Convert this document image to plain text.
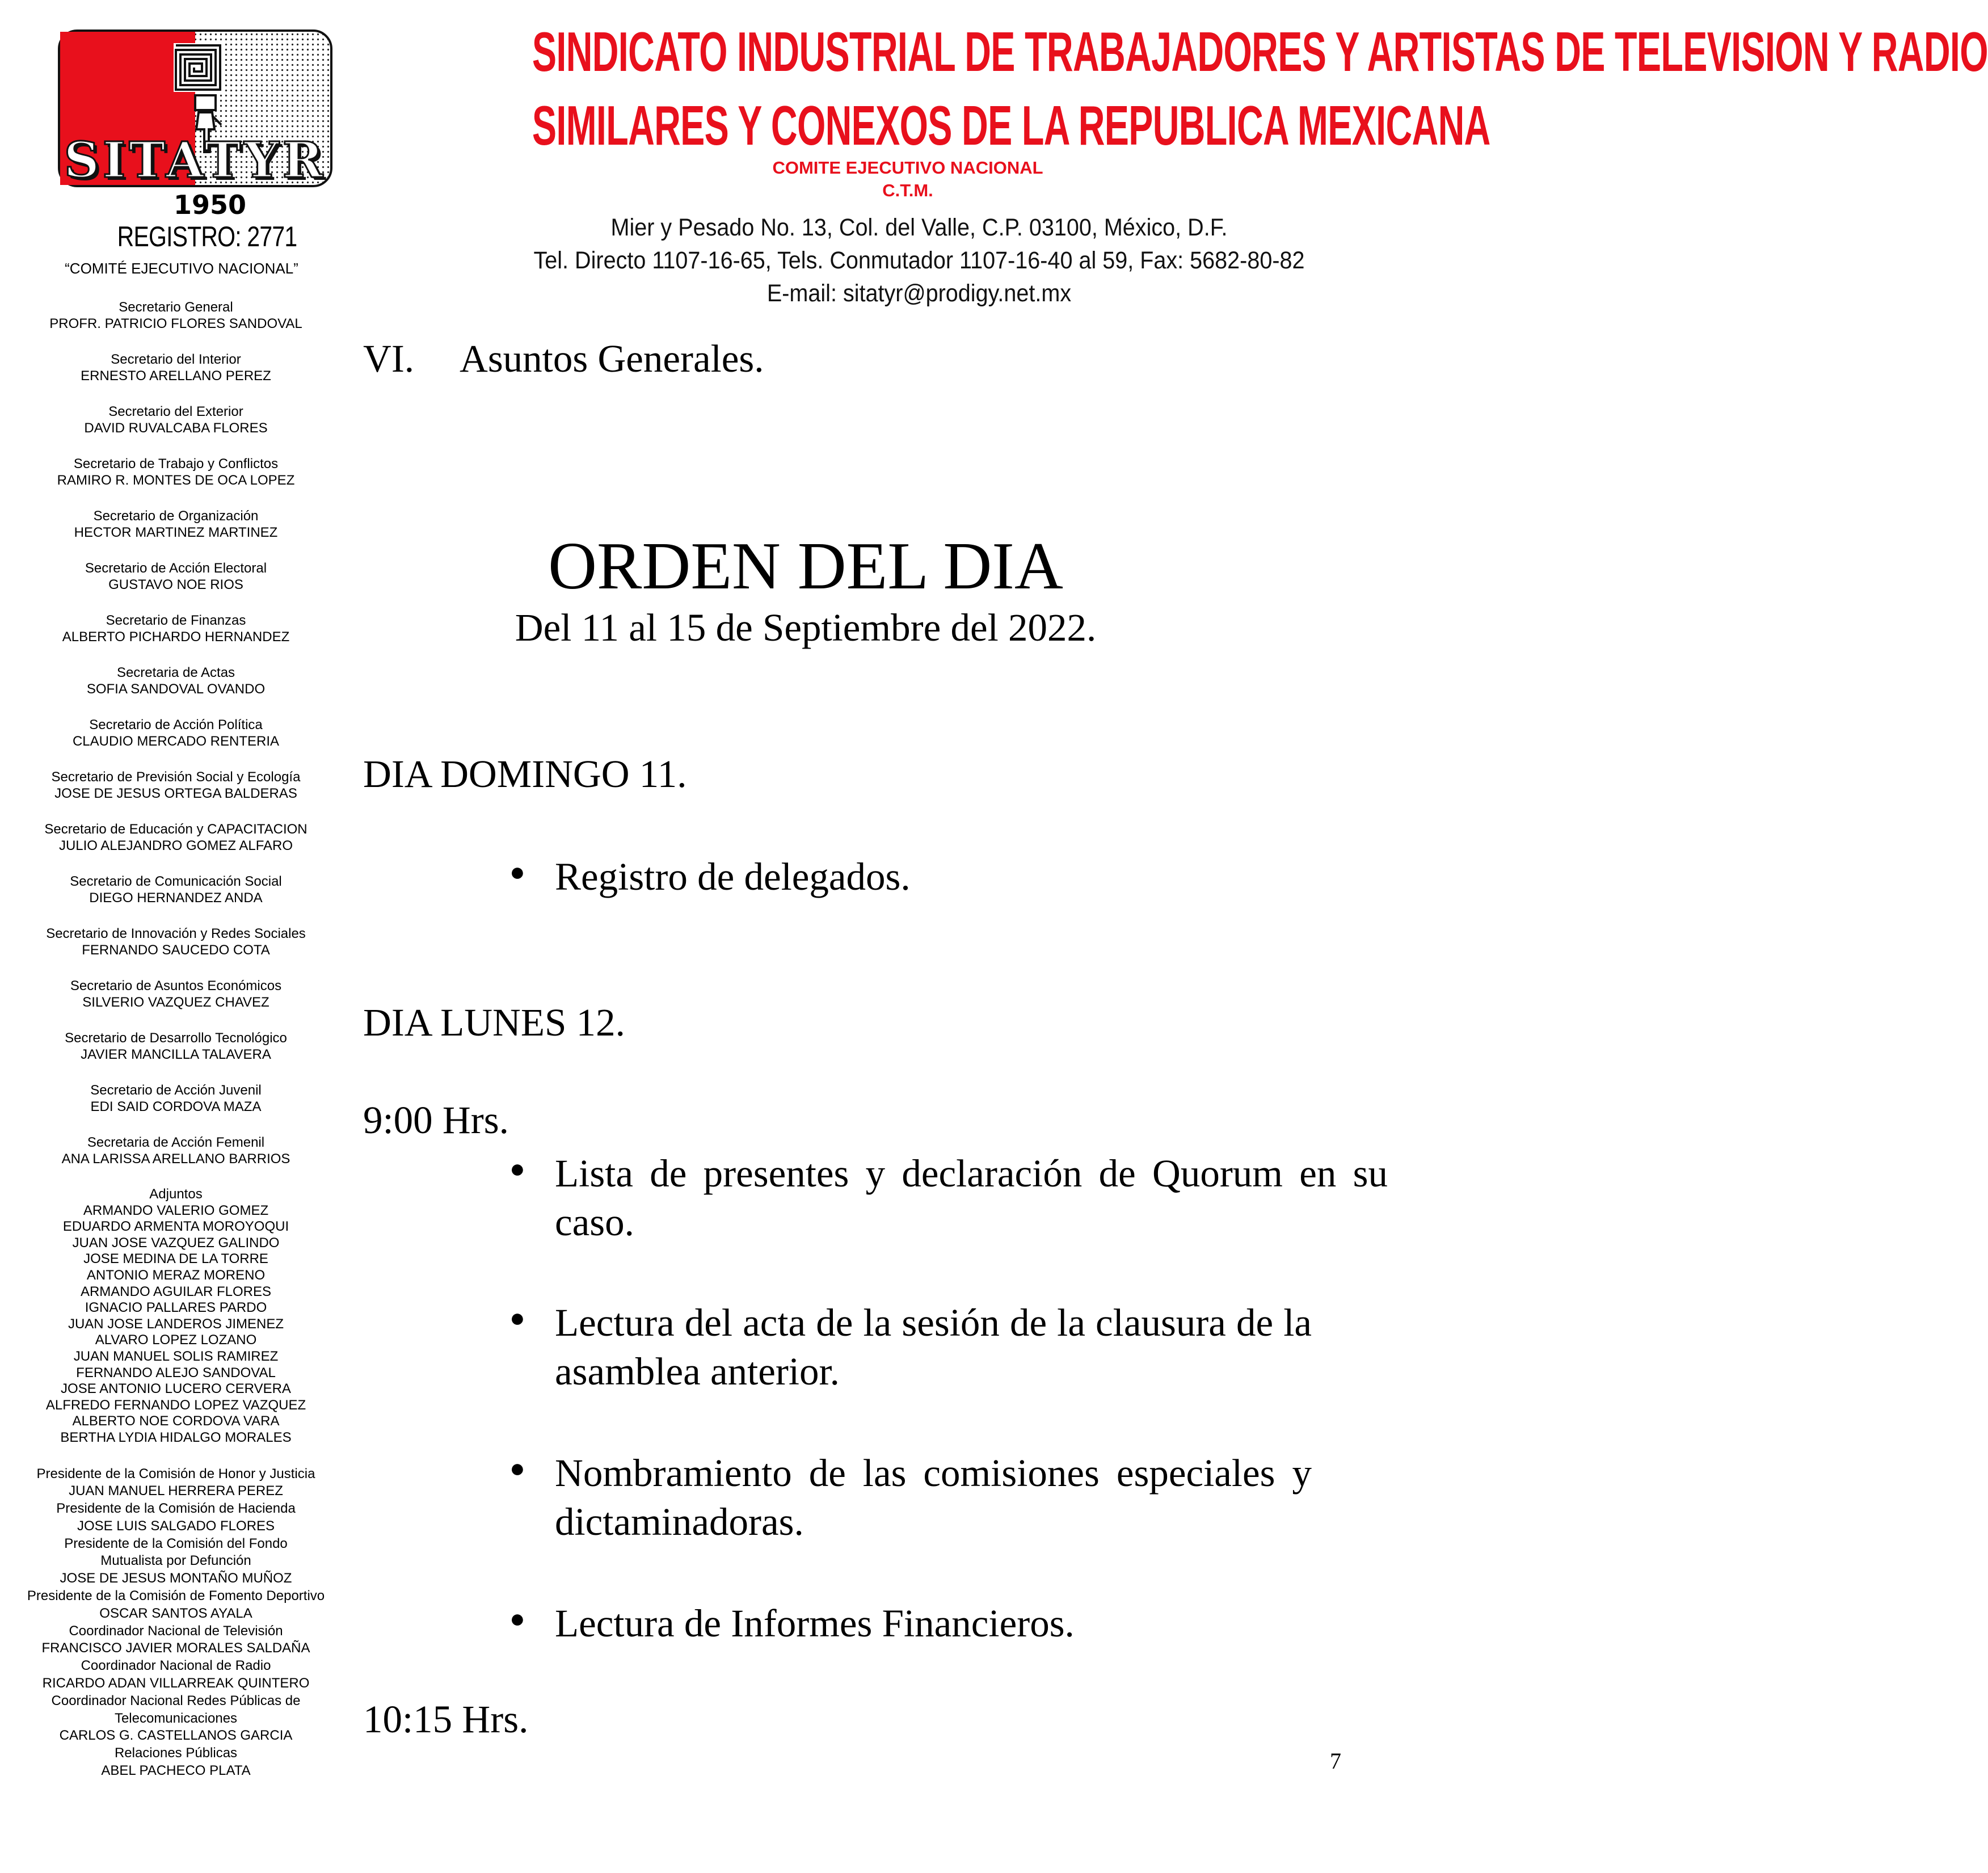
SITATYR
1950
REGISTRO: 2771
“COMITÉ EJECUTIVO NACIONAL”
SINDICATO INDUSTRIAL DE TRABAJADORES Y ARTISTAS DE TELEVISION Y RADIO
SIMILARES Y CONEXOS DE LA REPUBLICA MEXICANA
COMITE EJECUTIVO NACIONAL
C.T.M.
Mier y Pesado No. 13, Col. del Valle, C.P. 03100, México, D.F.
Tel. Directo 1107-16-65, Tels. Conmutador 1107-16-40 al 59, Fax: 5682-80-82
E-mail: sitatyr@prodigy.net.mx
Secretario General
PROFR. PATRICIO FLORES SANDOVAL
Secretario del Interior
ERNESTO ARELLANO PEREZ
Secretario del Exterior
DAVID RUVALCABA FLORES
Secretario de Trabajo y Conflictos
RAMIRO R. MONTES DE OCA LOPEZ
Secretario de Organización
HECTOR MARTINEZ MARTINEZ
Secretario de Acción Electoral
GUSTAVO NOE RIOS
Secretario de Finanzas
ALBERTO PICHARDO HERNANDEZ
Secretaria de Actas
SOFIA SANDOVAL OVANDO
Secretario de Acción Política
CLAUDIO MERCADO RENTERIA
Secretario de Previsión Social y Ecología
JOSE DE JESUS ORTEGA BALDERAS
Secretario de Educación y CAPACITACION
JULIO ALEJANDRO GOMEZ ALFARO
Secretario de Comunicación Social
DIEGO HERNANDEZ ANDA
Secretario de Innovación y Redes Sociales
FERNANDO SAUCEDO COTA
Secretario de Asuntos Económicos
SILVERIO VAZQUEZ CHAVEZ
Secretario de Desarrollo Tecnológico
JAVIER MANCILLA TALAVERA
Secretario de Acción Juvenil
EDI SAID CORDOVA MAZA
Secretaria de Acción Femenil
ANA LARISSA ARELLANO BARRIOS
Adjuntos
ARMANDO VALERIO GOMEZ
EDUARDO ARMENTA MOROYOQUI
JUAN JOSE VAZQUEZ GALINDO
JOSE MEDINA DE LA TORRE
ANTONIO MERAZ MORENO
ARMANDO AGUILAR FLORES
IGNACIO PALLARES PARDO
JUAN JOSE LANDEROS JIMENEZ
ALVARO LOPEZ LOZANO
JUAN MANUEL SOLIS RAMIREZ
FERNANDO ALEJO SANDOVAL
JOSE ANTONIO LUCERO CERVERA
ALFREDO FERNANDO LOPEZ VAZQUEZ
ALBERTO NOE CORDOVA VARA
BERTHA LYDIA HIDALGO MORALES
Presidente de la Comisión de Honor y Justicia
JUAN MANUEL HERRERA PEREZ
Presidente de la Comisión de Hacienda
JOSE LUIS SALGADO FLORES
Presidente de la Comisión del Fondo
Mutualista por Defunción
JOSE DE JESUS MONTAÑO MUÑOZ
Presidente de la Comisión de Fomento Deportivo
OSCAR SANTOS AYALA
Coordinador Nacional de Televisión
FRANCISCO JAVIER MORALES SALDAÑA
Coordinador Nacional de Radio
RICARDO ADAN VILLARREAK QUINTERO
Coordinador Nacional Redes Públicas de
Telecomunicaciones
CARLOS G. CASTELLANOS GARCIA
Relaciones Públicas
ABEL PACHECO PLATA
VI. Asuntos Generales.
ORDEN DEL DIA
Del 11 al 15 de Septiembre del 2022.
DIA DOMINGO 11.
● Registro de delegados.
DIA LUNES 12.
9:00 Hrs.
● Lista de presentes y declaración de Quorum en su caso.
● Lectura del acta de la sesión de la clausura de la asamblea anterior.
● Nombramiento de las comisiones especiales y dictaminadoras.
● Lectura de Informes Financieros.
10:15 Hrs.
7
